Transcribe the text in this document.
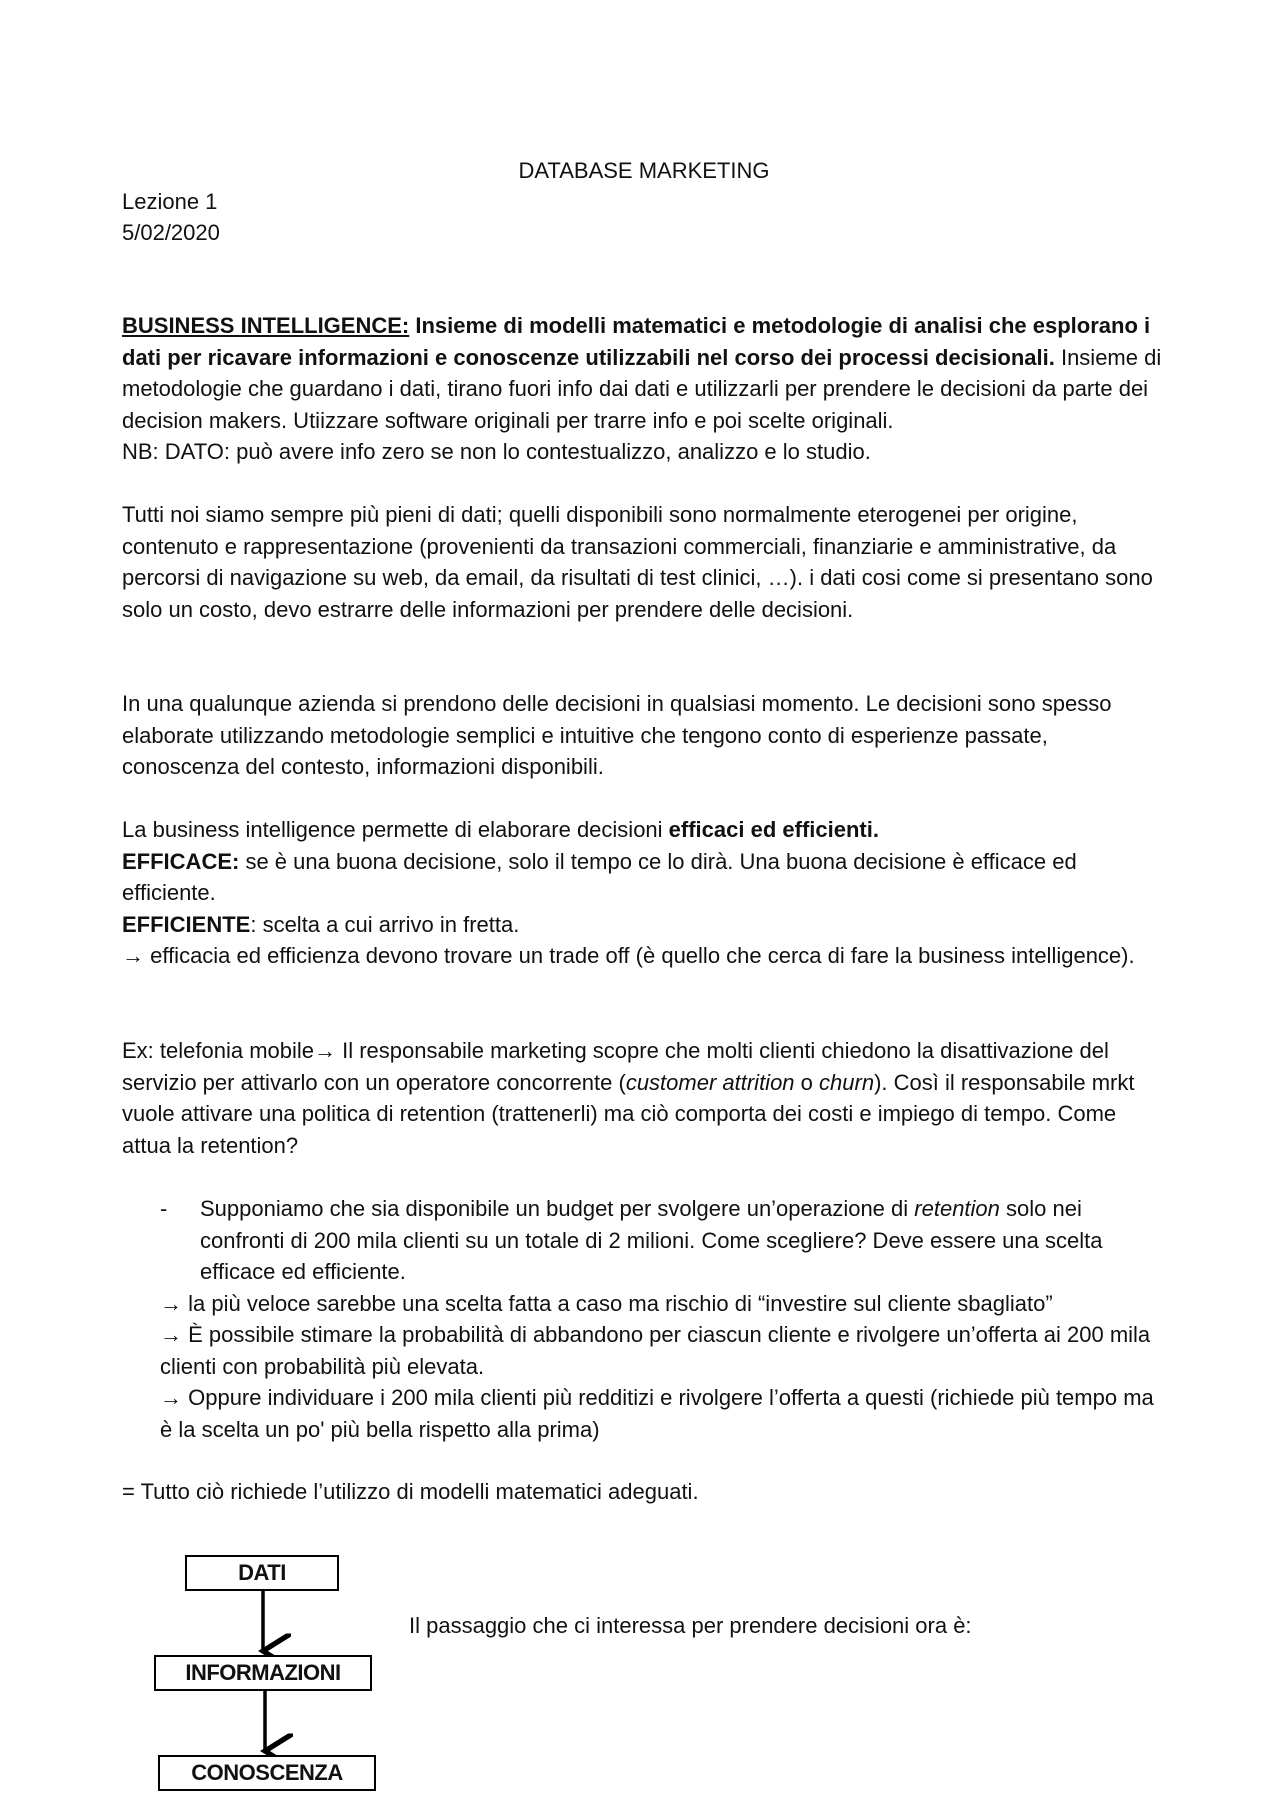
DATABASE MARKETING
Lezione 1
5/02/2020

BUSINESS INTELLIGENCE: Insieme di modelli matematici e metodologie di analisi che esplorano i dati per ricavare informazioni e conoscenze utilizzabili nel corso dei processi decisionali. Insieme di metodologie che guardano i dati, tirano fuori info dai dati e utilizzarli per prendere le decisioni da parte dei decision makers. Utiizzare software originali per trarre info e poi scelte originali.

NB: DATO: può avere info zero se non lo contestualizzo, analizzo e lo studio.

Tutti noi siamo sempre più pieni di dati; quelli disponibili sono normalmente eterogenei per origine, contenuto e rappresentazione (provenienti da transazioni commerciali, finanziarie e amministrative, da percorsi di navigazione su web, da email, da risultati di test clinici, …). i dati cosi come si presentano sono solo un costo, devo estrarre delle informazioni per prendere delle decisioni.

In una qualunque azienda si prendono delle decisioni in qualsiasi momento. Le decisioni sono spesso elaborate utilizzando metodologie semplici e intuitive che tengono conto di esperienze passate, conoscenza del contesto, informazioni disponibili.

La business intelligence permette di elaborare decisioni efficaci ed efficienti.

EFFICACE: se è una buona decisione, solo il tempo ce lo dirà. Una buona decisione è efficace ed efficiente.

EFFICIENTE: scelta a cui arrivo in fretta.

→ efficacia ed efficienza devono trovare un trade off (è quello che cerca di fare la business intelligence).

Ex: telefonia mobile→ Il responsabile marketing scopre che molti clienti chiedono la disattivazione del servizio per attivarlo con un operatore concorrente (customer attrition o churn). Così il responsabile mrkt vuole attivare una politica di retention (trattenerli) ma ciò comporta dei costi e impiego di tempo. Come attua la retention?

- Supponiamo che sia disponibile un budget per svolgere un’operazione di retention solo nei confronti di 200 mila clienti su un totale di 2 milioni. Come scegliere? Deve essere una scelta efficace ed efficiente.

→ la più veloce sarebbe una scelta fatta a caso ma rischio di “investire sul cliente sbagliato”

→ È possibile stimare la probabilità di abbandono per ciascun cliente e rivolgere un’offerta ai 200 mila clienti con probabilità più elevata.

→ Oppure individuare i 200 mila clienti più redditizi e rivolgere l’offerta a questi (richiede più tempo ma è la scelta un po' più bella rispetto alla prima)

= Tutto ciò richiede l’utilizzo di modelli matematici adeguati.
DATI
INFORMAZIONI
CONOSCENZA
Il passaggio che ci interessa per prendere decisioni ora è:
